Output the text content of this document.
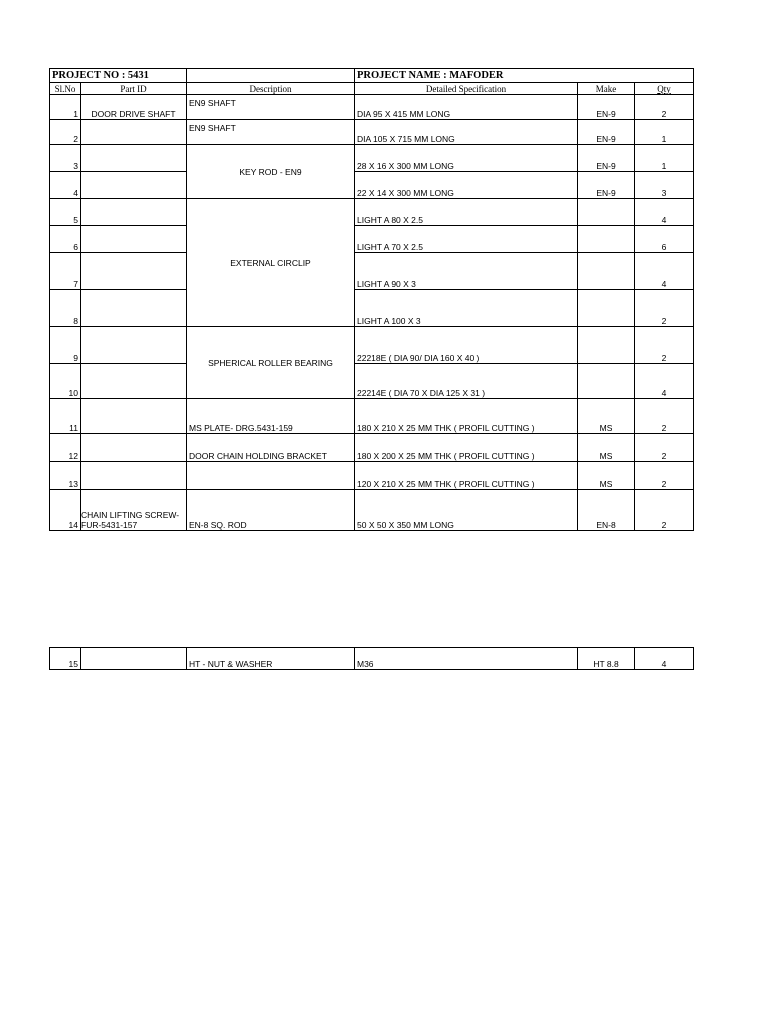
PROJECT NO : 5431			PROJECT NAME : MAFODER		
Sl.No	Part ID	Description	Detailed Specification	Make	Qty
1	DOOR DRIVE SHAFT	EN9 SHAFT	DIA 95 X 415 MM LONG	EN-9	2
2		EN9 SHAFT	DIA 105 X 715 MM LONG	EN-9	1
3		KEY ROD - EN9	28 X 16 X 300 MM LONG	EN-9	1
4			22 X 14 X 300 MM LONG	EN-9	3
5		EXTERNAL CIRCLIP	LIGHT A 80 X 2.5		4
6			LIGHT A 70 X 2.5		6
7			LIGHT A 90 X 3		4
8			LIGHT A 100 X 3		2
9		SPHERICAL ROLLER BEARING	22218E ( DIA 90/ DIA 160 X 40 )		2
10			22214E ( DIA 70 X DIA 125 X 31 )		4
11		MS PLATE- DRG.5431-159	180 X 210 X 25 MM THK ( PROFIL CUTTING )	MS	2
12		DOOR CHAIN HOLDING BRACKET	180 X 200 X 25 MM THK ( PROFIL CUTTING )	MS	2
13			120 X 210 X 25 MM THK ( PROFIL CUTTING )	MS	2
14	CHAIN LIFTING SCREW-FUR-5431-157	EN-8 SQ. ROD	50 X 50 X 350 MM LONG	EN-8	2
15		HT - NUT & WASHER	M36	HT 8.8	4
